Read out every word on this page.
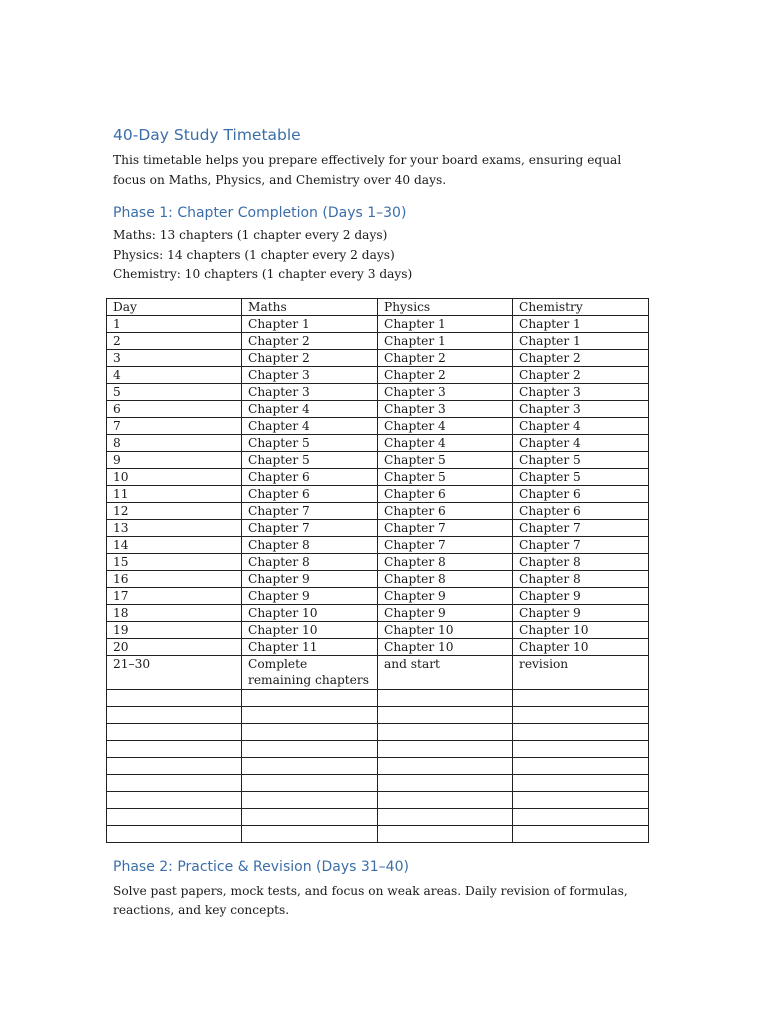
40-Day Study Timetable

This timetable helps you prepare effectively for your board exams, ensuring equal focus on Maths, Physics, and Chemistry over 40 days.

Phase 1: Chapter Completion (Days 1–30)
Maths: 13 chapters (1 chapter every 2 days)
Physics: 14 chapters (1 chapter every 2 days)
Chemistry: 10 chapters (1 chapter every 3 days)
Day	Maths	Physics	Chemistry
1	Chapter 1	Chapter 1	Chapter 1
2	Chapter 2	Chapter 1	Chapter 1
3	Chapter 2	Chapter 2	Chapter 2
4	Chapter 3	Chapter 2	Chapter 2
5	Chapter 3	Chapter 3	Chapter 3
6	Chapter 4	Chapter 3	Chapter 3
7	Chapter 4	Chapter 4	Chapter 4
8	Chapter 5	Chapter 4	Chapter 4
9	Chapter 5	Chapter 5	Chapter 5
10	Chapter 6	Chapter 5	Chapter 5
11	Chapter 6	Chapter 6	Chapter 6
12	Chapter 7	Chapter 6	Chapter 6
13	Chapter 7	Chapter 7	Chapter 7
14	Chapter 8	Chapter 7	Chapter 7
15	Chapter 8	Chapter 8	Chapter 8
16	Chapter 9	Chapter 8	Chapter 8
17	Chapter 9	Chapter 9	Chapter 9
18	Chapter 10	Chapter 9	Chapter 9
19	Chapter 10	Chapter 10	Chapter 10
20	Chapter 11	Chapter 10	Chapter 10
21–30	Complete remaining chapters	and start	revision

Phase 2: Practice & Revision (Days 31–40)

Solve past papers, mock tests, and focus on weak areas. Daily revision of formulas, reactions, and key concepts.
